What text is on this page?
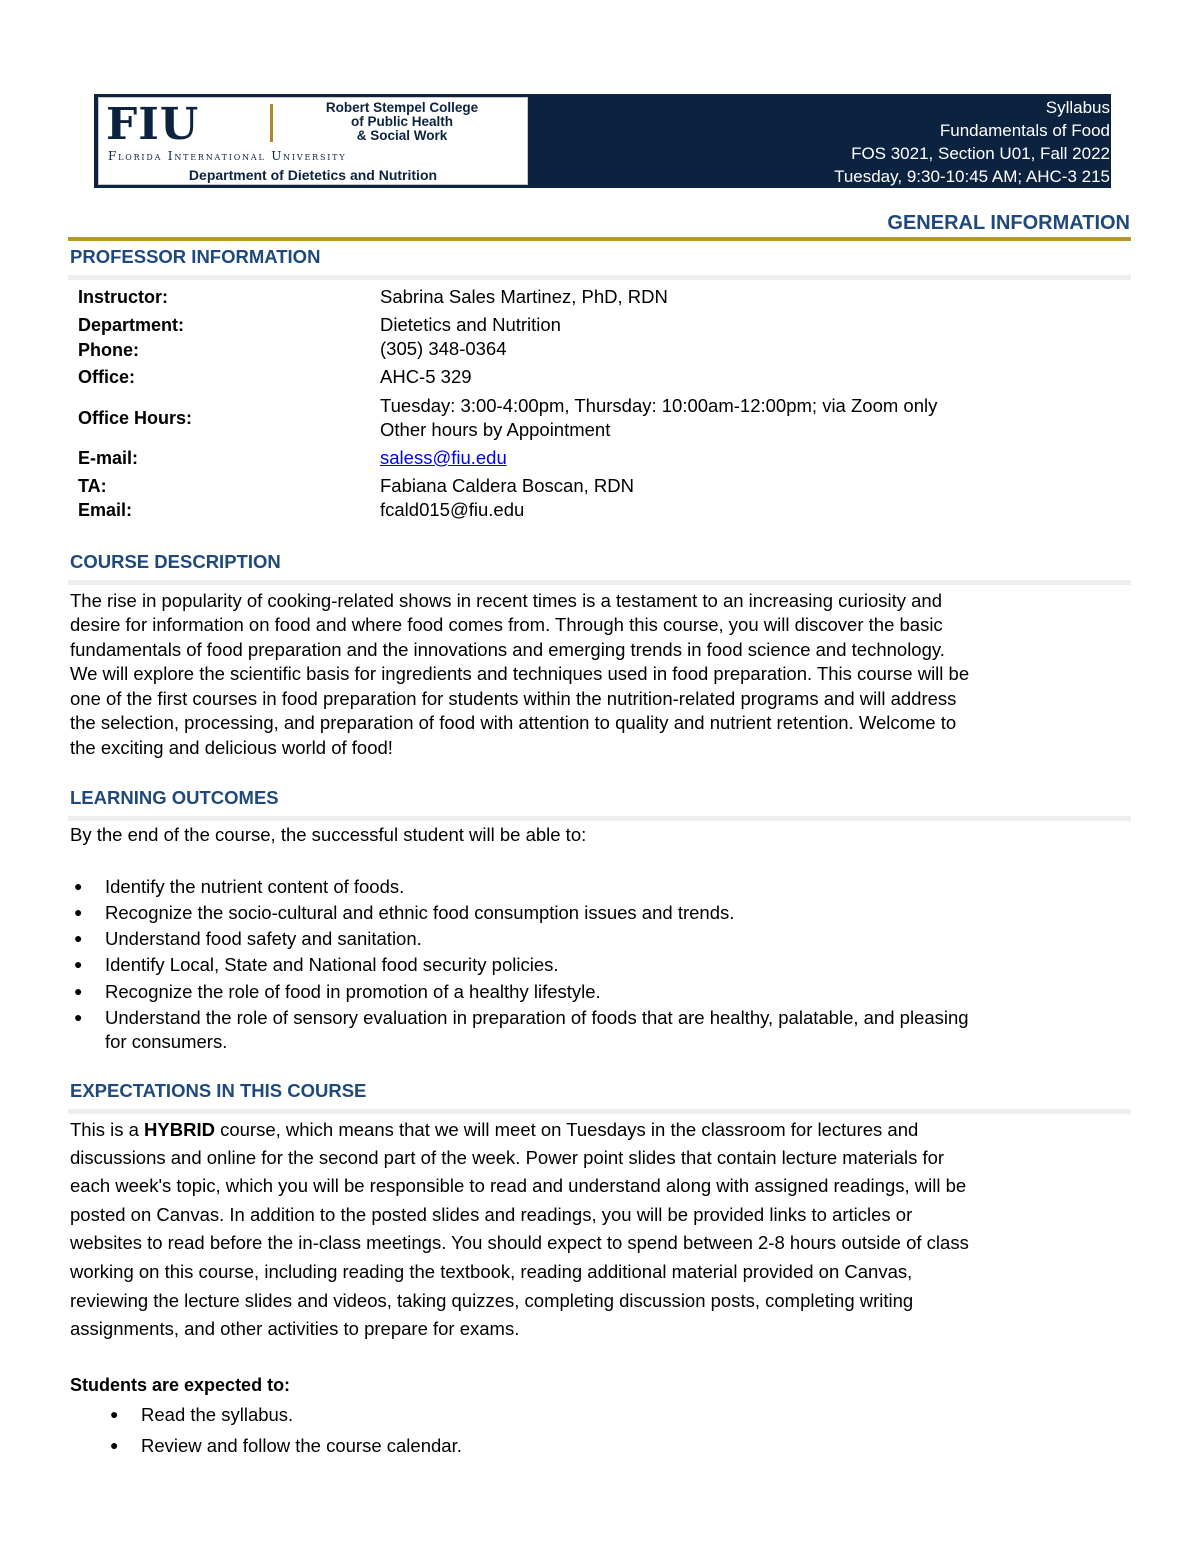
FIU	Robert Stempel College
of Public Health
& Social Work
Florida International University
Department of Dietetics and Nutrition
Syllabus
Fundamentals of Food
FOS 3021, Section U01, Fall 2022
Tuesday, 9:30-10:45 AM; AHC-3 215
GENERAL INFORMATION
PROFESSOR INFORMATION
Instructor:	Sabrina Sales Martinez, PhD, RDN
Department:	Dietetics and Nutrition
Phone:	(305) 348-0364
Office:	AHC-5 329
Office Hours:
Tuesday: 3:00-4:00pm, Thursday: 10:00am-12:00pm; via Zoom only
Other hours by Appointment
E-mail:	saless@fiu.edu
TA:	Fabiana Caldera Boscan, RDN
Email:	fcald015@fiu.edu
COURSE DESCRIPTION
The rise in popularity of cooking-related shows in recent times is a testament to an increasing curiosity and
desire for information on food and where food comes from. Through this course, you will discover the basic
fundamentals of food preparation and the innovations and emerging trends in food science and technology.
We will explore the scientific basis for ingredients and techniques used in food preparation. This course will be
one of the first courses in food preparation for students within the nutrition-related programs and will address
the selection, processing, and preparation of food with attention to quality and nutrient retention. Welcome to
the exciting and delicious world of food!
LEARNING OUTCOMES
By the end of the course, the successful student will be able to:
● Identify the nutrient content of foods.
● Recognize the socio-cultural and ethnic food consumption issues and trends.
● Understand food safety and sanitation.
● Identify Local, State and National food security policies.
● Recognize the role of food in promotion of a healthy lifestyle.
● Understand the role of sensory evaluation in preparation of foods that are healthy, palatable, and pleasing
for consumers.
EXPECTATIONS IN THIS COURSE
This is a HYBRID course, which means that we will meet on Tuesdays in the classroom for lectures and
discussions and online for the second part of the week. Power point slides that contain lecture materials for
each week's topic, which you will be responsible to read and understand along with assigned readings, will be
posted on Canvas. In addition to the posted slides and readings, you will be provided links to articles or
websites to read before the in-class meetings. You should expect to spend between 2-8 hours outside of class
working on this course, including reading the textbook, reading additional material provided on Canvas,
reviewing the lecture slides and videos, taking quizzes, completing discussion posts, completing writing
assignments, and other activities to prepare for exams.
Students are expected to:
● Read the syllabus.
● Review and follow the course calendar.
